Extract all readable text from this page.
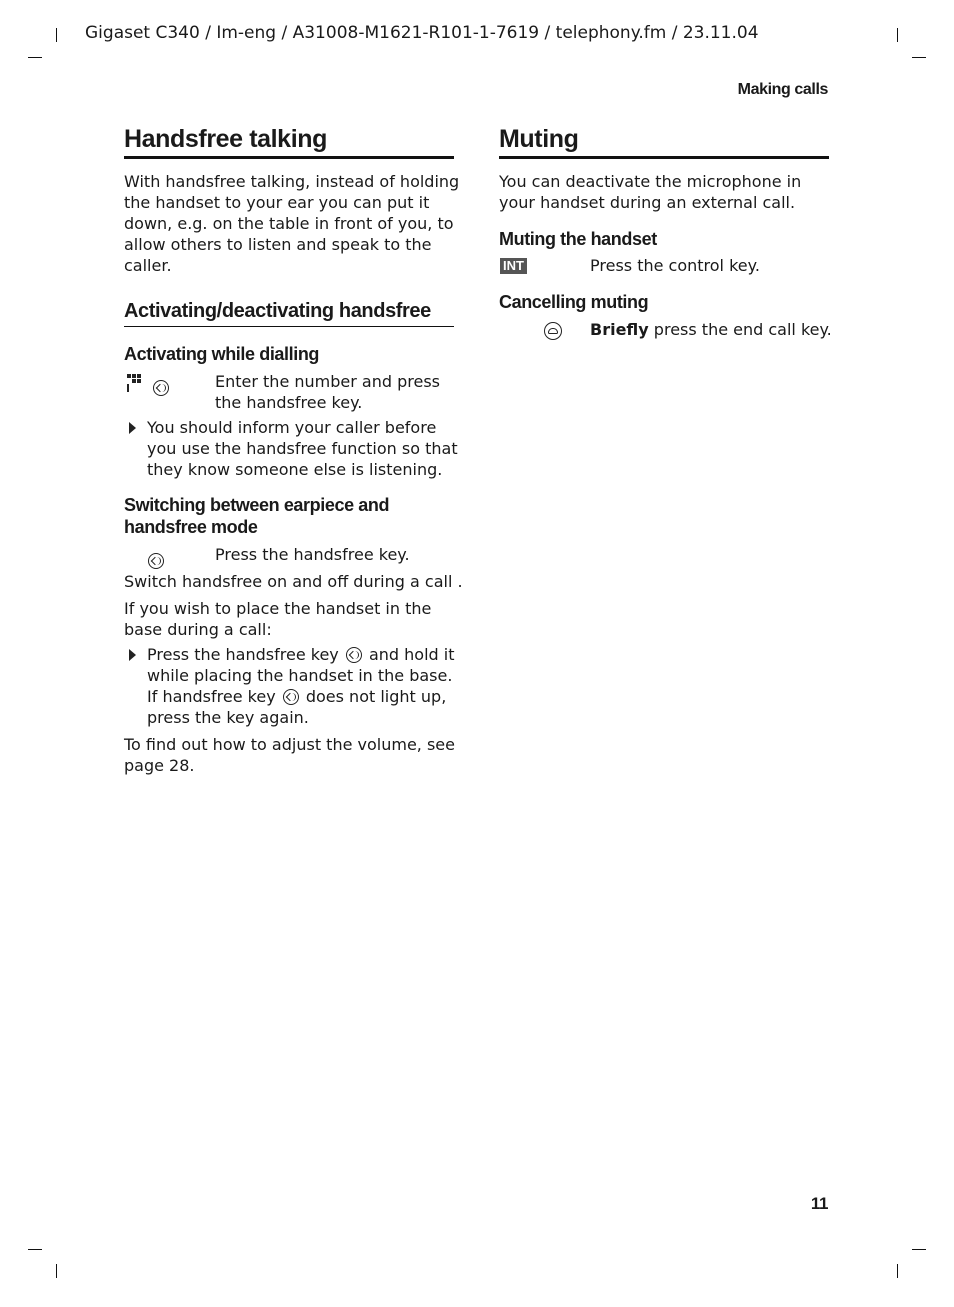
Gigaset C340 / Im-eng / A31008-M1621-R101-1-7619 / telephony.fm / 23.11.04
Making calls
Handsfree talking
With handsfree talking, instead of holding
the handset to your ear you can put it
down, e.g. on the table in front of you, to
allow others to listen and speak to the
caller.
Activating/deactivating handsfree
Activating while dialling

Enter the number and press
the handsfree key.
You should inform your caller before
you use the handsfree function so that
they know someone else is listening.
Switching between earpiece and
handsfree mode

Press the handsfree key.
Switch handsfree on and off during a call .
If you wish to place the handset in the
base during a call:
Press the handsfree key and hold it
while placing the handset in the base.
If handsfree key does not light up,
press the key again.
To find out how to adjust the volume, see
page 28.
Muting
You can deactivate the microphone in
your handset during an external call.
Muting the handset
INT	Press the control key.
Cancelling muting
Briefly press the end call key.
11
